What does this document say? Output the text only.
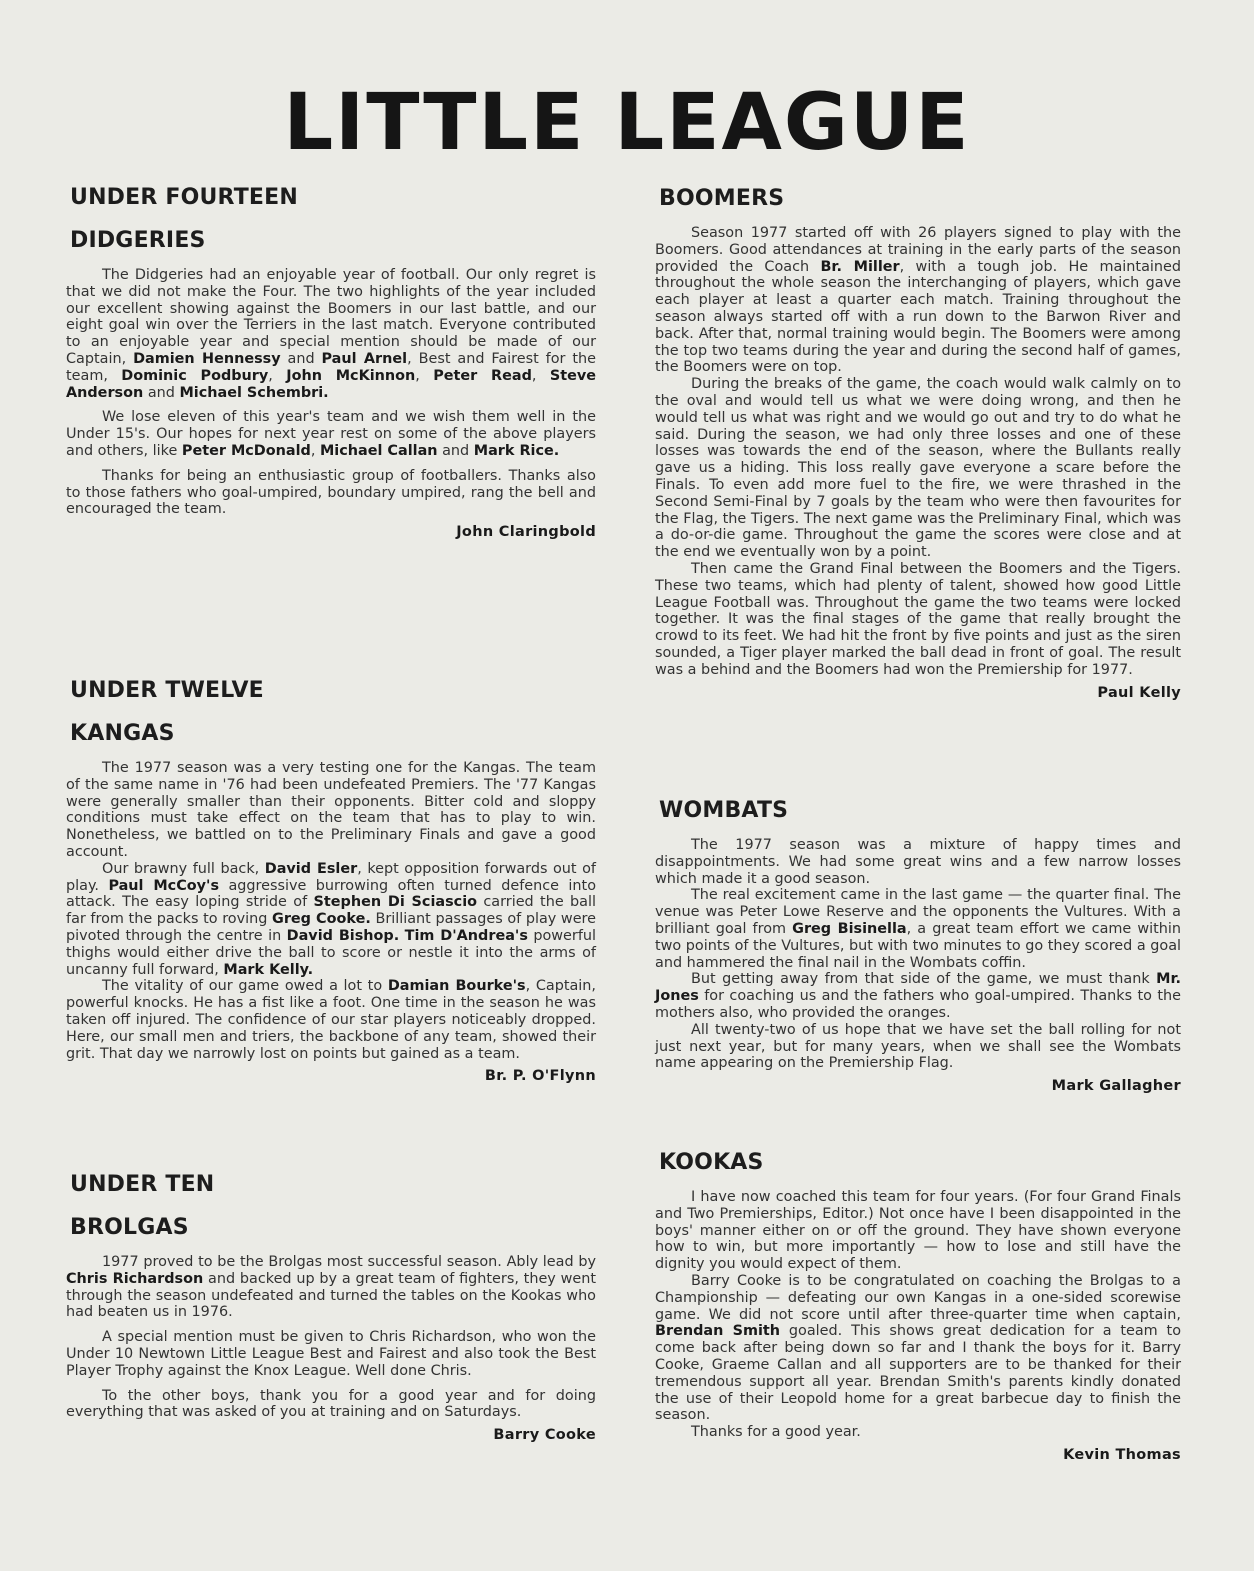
LITTLE LEAGUE
UNDER FOURTEEN
DIDGERIES

The Didgeries had an enjoyable year of football. Our only regret is that we did not make the Four. The two highlights of the year included our excellent showing against the Boomers in our last battle, and our eight goal win over the Terriers in the last match. Everyone contributed to an enjoyable year and special mention should be made of our Captain, Damien Hennessy and Paul Arnel, Best and Fairest for the team, Dominic Podbury, John McKinnon, Peter Read, Steve Anderson and Michael Schembri.

We lose eleven of this year's team and we wish them well in the Under 15's. Our hopes for next year rest on some of the above players and others, like Peter McDonald, Michael Callan and Mark Rice.

Thanks for being an enthusiastic group of footballers. Thanks also to those fathers who goal-umpired, boundary umpired, rang the bell and encouraged the team.

John Claringbold
UNDER TWELVE
KANGAS

The 1977 season was a very testing one for the Kangas. The team of the same name in '76 had been undefeated Premiers. The '77 Kangas were generally smaller than their opponents. Bitter cold and sloppy conditions must take effect on the team that has to play to win. Nonetheless, we battled on to the Preliminary Finals and gave a good account.

Our brawny full back, David Esler, kept opposition forwards out of play. Paul McCoy's aggressive burrowing often turned defence into attack. The easy loping stride of Stephen Di Sciascio carried the ball far from the packs to roving Greg Cooke. Brilliant passages of play were pivoted through the centre in David Bishop. Tim D'Andrea's powerful thighs would either drive the ball to score or nestle it into the arms of uncanny full forward, Mark Kelly.

The vitality of our game owed a lot to Damian Bourke's, Captain, powerful knocks. He has a fist like a foot. One time in the season he was taken off injured. The confidence of our star players noticeably dropped. Here, our small men and triers, the backbone of any team, showed their grit. That day we narrowly lost on points but gained as a team.

Br. P. O'Flynn
UNDER TEN
BROLGAS

1977 proved to be the Brolgas most successful season. Ably lead by Chris Richardson and backed up by a great team of fighters, they went through the season undefeated and turned the tables on the Kookas who had beaten us in 1976.

A special mention must be given to Chris Richardson, who won the Under 10 Newtown Little League Best and Fairest and also took the Best Player Trophy against the Knox League. Well done Chris.

To the other boys, thank you for a good year and for doing everything that was asked of you at training and on Saturdays.

Barry Cooke
BOOMERS

Season 1977 started off with 26 players signed to play with the Boomers. Good attendances at training in the early parts of the season provided the Coach Br. Miller, with a tough job. He maintained throughout the whole season the interchanging of players, which gave each player at least a quarter each match. Training throughout the season always started off with a run down to the Barwon River and back. After that, normal training would begin. The Boomers were among the top two teams during the year and during the second half of games, the Boomers were on top.

During the breaks of the game, the coach would walk calmly on to the oval and would tell us what we were doing wrong, and then he would tell us what was right and we would go out and try to do what he said. During the season, we had only three losses and one of these losses was towards the end of the season, where the Bullants really gave us a hiding. This loss really gave everyone a scare before the Finals. To even add more fuel to the fire, we were thrashed in the Second Semi-Final by 7 goals by the team who were then favourites for the Flag, the Tigers. The next game was the Preliminary Final, which was a do-or-die game. Throughout the game the scores were close and at the end we eventually won by a point.

Then came the Grand Final between the Boomers and the Tigers. These two teams, which had plenty of talent, showed how good Little League Football was. Throughout the game the two teams were locked together. It was the final stages of the game that really brought the crowd to its feet. We had hit the front by five points and just as the siren sounded, a Tiger player marked the ball dead in front of goal. The result was a behind and the Boomers had won the Premiership for 1977.

Paul Kelly
WOMBATS

The 1977 season was a mixture of happy times and disappointments. We had some great wins and a few narrow losses which made it a good season.

The real excitement came in the last game — the quarter final. The venue was Peter Lowe Reserve and the opponents the Vultures. With a brilliant goal from Greg Bisinella, a great team effort we came within two points of the Vultures, but with two minutes to go they scored a goal and hammered the final nail in the Wombats coffin.

But getting away from that side of the game, we must thank Mr. Jones for coaching us and the fathers who goal-umpired. Thanks to the mothers also, who provided the oranges.

All twenty-two of us hope that we have set the ball rolling for not just next year, but for many years, when we shall see the Wombats name appearing on the Premiership Flag.

Mark Gallagher
KOOKAS

I have now coached this team for four years. (For four Grand Finals and Two Premierships, Editor.) Not once have I been disappointed in the boys' manner either on or off the ground. They have shown everyone how to win, but more importantly — how to lose and still have the dignity you would expect of them.

Barry Cooke is to be congratulated on coaching the Brolgas to a Championship — defeating our own Kangas in a one-sided scorewise game. We did not score until after three-quarter time when captain, Brendan Smith goaled. This shows great dedication for a team to come back after being down so far and I thank the boys for it. Barry Cooke, Graeme Callan and all supporters are to be thanked for their tremendous support all year. Brendan Smith's parents kindly donated the use of their Leopold home for a great barbecue day to finish the season.

Thanks for a good year.

Kevin Thomas
